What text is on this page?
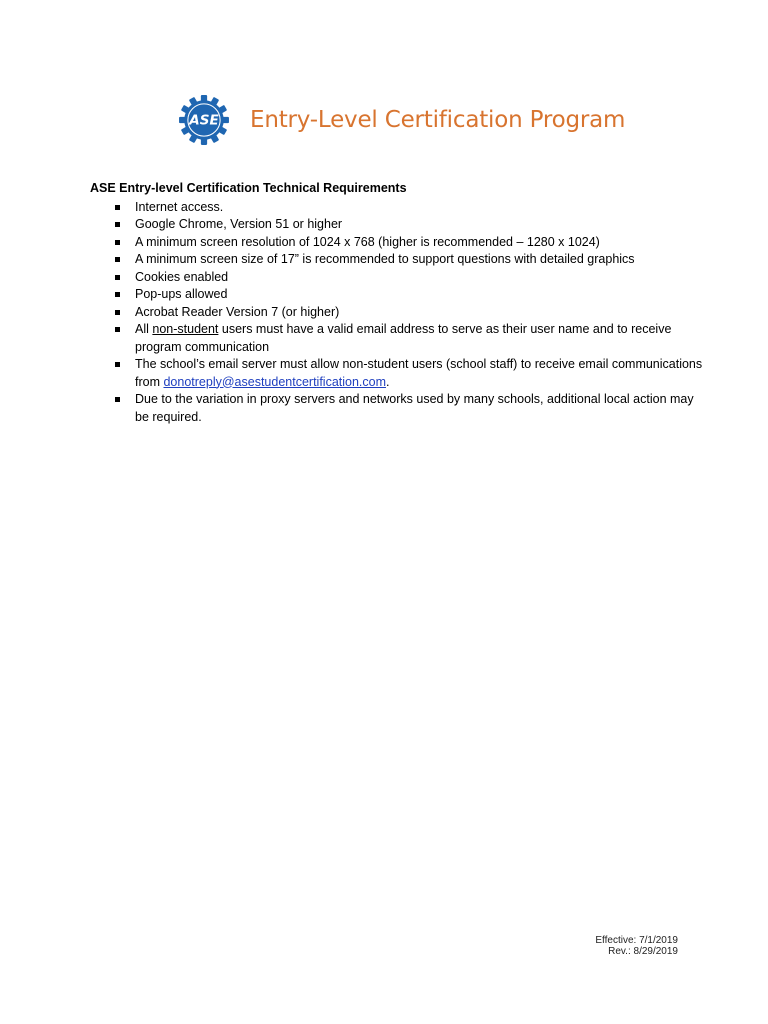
ASE Entry-Level Certification Program
ASE Entry-level Certification Technical Requirements
Internet access.
Google Chrome, Version 51 or higher
A minimum screen resolution of 1024 x 768 (higher is recommended – 1280 x 1024)
A minimum screen size of 17” is recommended to support questions with detailed graphics
Cookies enabled
Pop-ups allowed
Acrobat Reader Version 7 (or higher)
All non-student users must have a valid email address to serve as their user name and to receive program communication
The school’s email server must allow non-student users (school staff) to receive email communications from donotreply@asestudentcertification.com.
Due to the variation in proxy servers and networks used by many schools, additional local action may be required.
Effective: 7/1/2019
Rev.: 8/29/2019
